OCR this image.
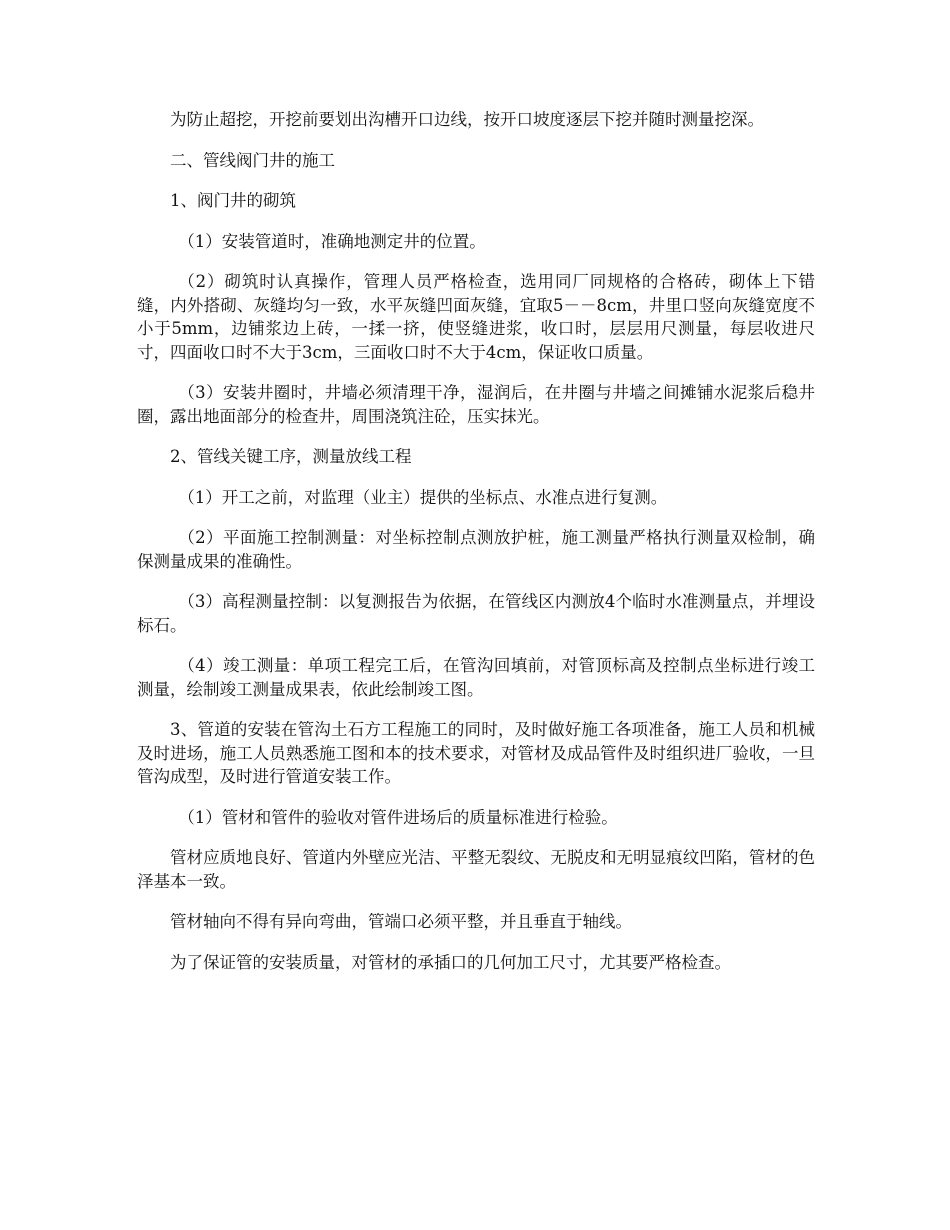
为防止超挖，开挖前要划出沟槽开口边线，按开口坡度逐层下挖并随时测量挖深。

二、管线阀门井的施工

1、阀门井的砌筑

（1）安装管道时，准确地测定井的位置。

（2）砌筑时认真操作，管理人员严格检查，选用同厂同规格的合格砖，砌体上下错缝，内外搭砌、灰缝均匀一致，水平灰缝凹面灰缝，宜取5－－8cm，井里口竖向灰缝宽度不小于5mm，边铺浆边上砖，一揉一挤，使竖缝进浆，收口时，层层用尺测量，每层收进尺寸，四面收口时不大于3cm，三面收口时不大于4cm，保证收口质量。

（3）安装井圈时，井墙必须清理干净，湿润后，在井圈与井墙之间摊铺水泥浆后稳井圈，露出地面部分的检查井，周围浇筑注砼，压实抹光。

2、管线关键工序，测量放线工程

（1）开工之前，对监理（业主）提供的坐标点、水准点进行复测。

（2）平面施工控制测量：对坐标控制点测放护桩，施工测量严格执行测量双检制，确保测量成果的准确性。

（3）高程测量控制：以复测报告为依据，在管线区内测放4个临时水准测量点，并埋设标石。

（4）竣工测量：单项工程完工后，在管沟回填前，对管顶标高及控制点坐标进行竣工测量，绘制竣工测量成果表，依此绘制竣工图。

3、管道的安装在管沟土石方工程施工的同时，及时做好施工各项准备，施工人员和机械及时进场，施工人员熟悉施工图和本的技术要求，对管材及成品管件及时组织进厂验收，一旦管沟成型，及时进行管道安装工作。

（1）管材和管件的验收对管件进场后的质量标准进行检验。

管材应质地良好、管道内外壁应光洁、平整无裂纹、无脱皮和无明显痕纹凹陷，管材的色泽基本一致。

管材轴向不得有异向弯曲，管端口必须平整，并且垂直于轴线。

为了保证管的安装质量，对管材的承插口的几何加工尺寸，尤其要严格检查。
